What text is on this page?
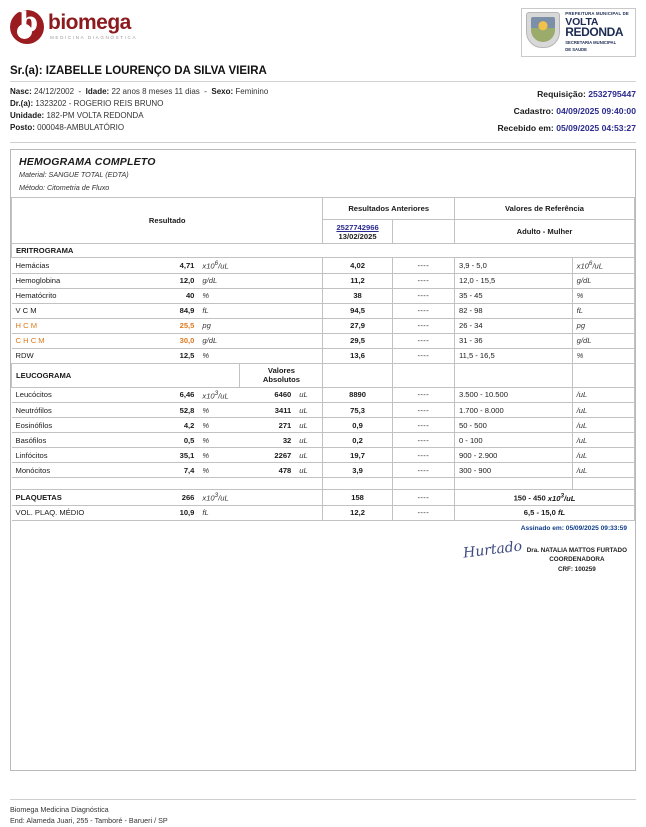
b
biomega
MEDICINA DIAGNÓSTICA
PREFEITURA MUNICIPAL DE
VOLTA
REDONDA
SECRETARIA MUNICIPAL
DE SAUDE
Sr.(a): IZABELLE LOURENÇO DA SILVA VIEIRA
Nasc: 24/12/2002  -  Idade: 22 anos 8 meses 11 dias  -  Sexo: Feminino
Dr.(a): 1323202 - ROGERIO REIS BRUNO
Unidade: 182-PM VOLTA REDONDA
Posto: 000048-AMBULATÓRIO
Requisição: 2532795447
Cadastro: 04/09/2025 09:40:00
Recebido em: 05/09/2025 04:53:27
HEMOGRAMA COMPLETO
Material: SANGUE TOTAL (EDTA)
Método: Citometria de Fluxo
Resultado					Resultados Anteriores		Valores de Referência	
					2527742966
13/02/2025		Adulto - Mulher	
ERITROGRAMA								
Hemácias	4,71	$x10^6/uL$			4,02	----	3,9 - 5,0	$x10^6/uL$
Hemoglobina	12,0	g/dL			11,2	----	12,0 - 15,5	g/dL
Hematócrito	40	%			38	----	35 - 45	%
V C M	84,9	fL			94,5	----	82 - 98	fL
H C M	25,5	pg			27,9	----	26 - 34	pg
C H C M	30,0	g/dL			29,5	----	31 - 36	g/dL
RDW	12,5	%			13,6	----	11,5 - 16,5	%
LEUCOGRAMA			Valores
Absolutos					
Leucócitos	6,46	$x10^3/uL$	6460	uL	8890	----	3.500 - 10.500	/uL
Neutrófilos	52,8	%	3411	uL	75,3	----	1.700 - 8.000	/uL
Eosinófilos	4,2	%	271	uL	0,9	----	50 - 500	/uL
Basófilos	0,5	%	32	uL	0,2	----	0 - 100	/uL
Linfócitos	35,1	%	2267	uL	19,7	----	900 - 2.900	/uL
Monócitos	7,4	%	478	uL	3,9	----	300 - 900	/uL

PLAQUETAS	266	$x10^3/uL$			158	----	150 - 450 $x10^3/uL$	
VOL. PLAQ. MÉDIO	10,9	fL			12,2	----	6,5 - 15,0 fL	
Assinado em: 05/09/2025 09:33:59
Hurtado Dra. NATALIA MATTOS FURTADO
COORDENADORA
CRF: 100259
Biomega Medicina Diagnóstica
End: Alameda Juari, 255 - Tamboré - Barueri / SP
